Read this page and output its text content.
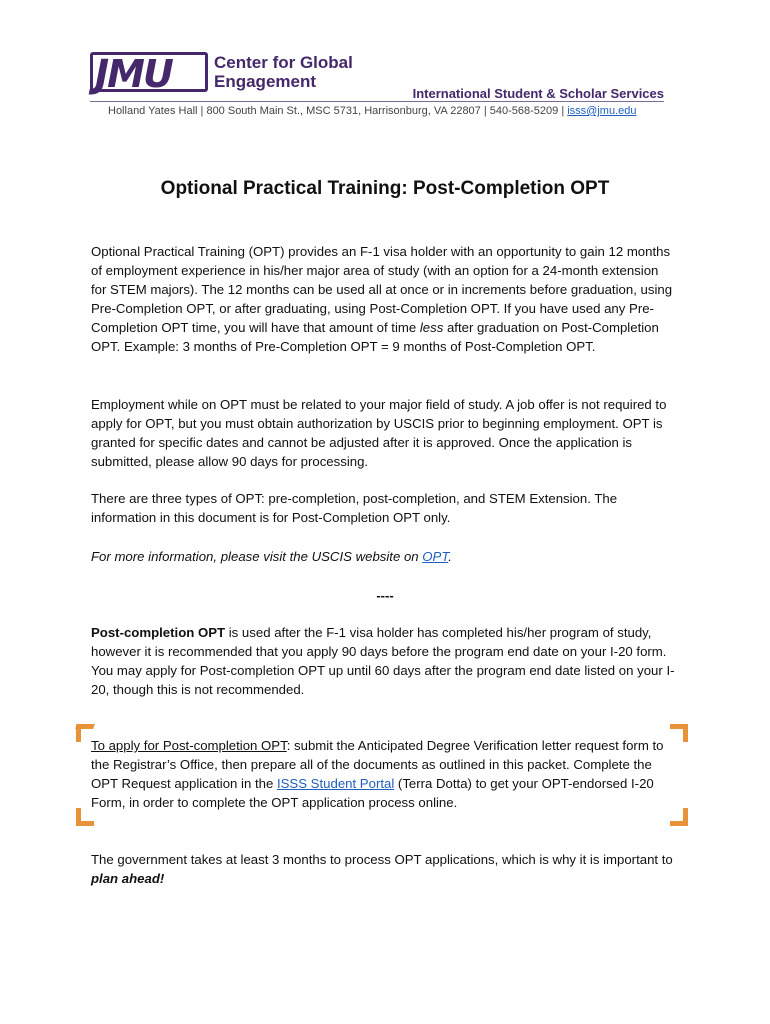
JMU Center for Global
Engagement
International Student & Scholar Services
Holland Yates Hall | 800 South Main St., MSC 5731, Harrisonburg, VA 22807 | 540-568-5209 | isss@jmu.edu
Optional Practical Training: Post-Completion OPT

Optional Practical Training (OPT) provides an F-1 visa holder with an opportunity to gain 12 months of employment experience in his/her major area of study (with an option for a 24-month extension for STEM majors). The 12 months can be used all at once or in increments before graduation, using Pre-Completion OPT, or after graduating, using Post-Completion OPT. If you have used any Pre-Completion OPT time, you will have that amount of time less after graduation on Post-Completion OPT. Example: 3 months of Pre-Completion OPT = 9 months of Post-Completion OPT.

Employment while on OPT must be related to your major field of study. A job offer is not required to apply for OPT, but you must obtain authorization by USCIS prior to beginning employment. OPT is granted for specific dates and cannot be adjusted after it is approved. Once the application is submitted, please allow 90 days for processing.

There are three types of OPT: pre-completion, post-completion, and STEM Extension. The information in this document is for Post-Completion OPT only.

For more information, please visit the USCIS website on OPT.

----

Post-completion OPT is used after the F-1 visa holder has completed his/her program of study, however it is recommended that you apply 90 days before the program end date on your I-20 form. You may apply for Post-completion OPT up until 60 days after the program end date listed on your I-20, though this is not recommended.

To apply for Post-completion OPT: submit the Anticipated Degree Verification letter request form to the Registrar’s Office, then prepare all of the documents as outlined in this packet. Complete the OPT Request application in the ISSS Student Portal (Terra Dotta) to get your OPT-endorsed I-20 Form, in order to complete the OPT application process online.

The government takes at least 3 months to process OPT applications, which is why it is important to plan ahead!
